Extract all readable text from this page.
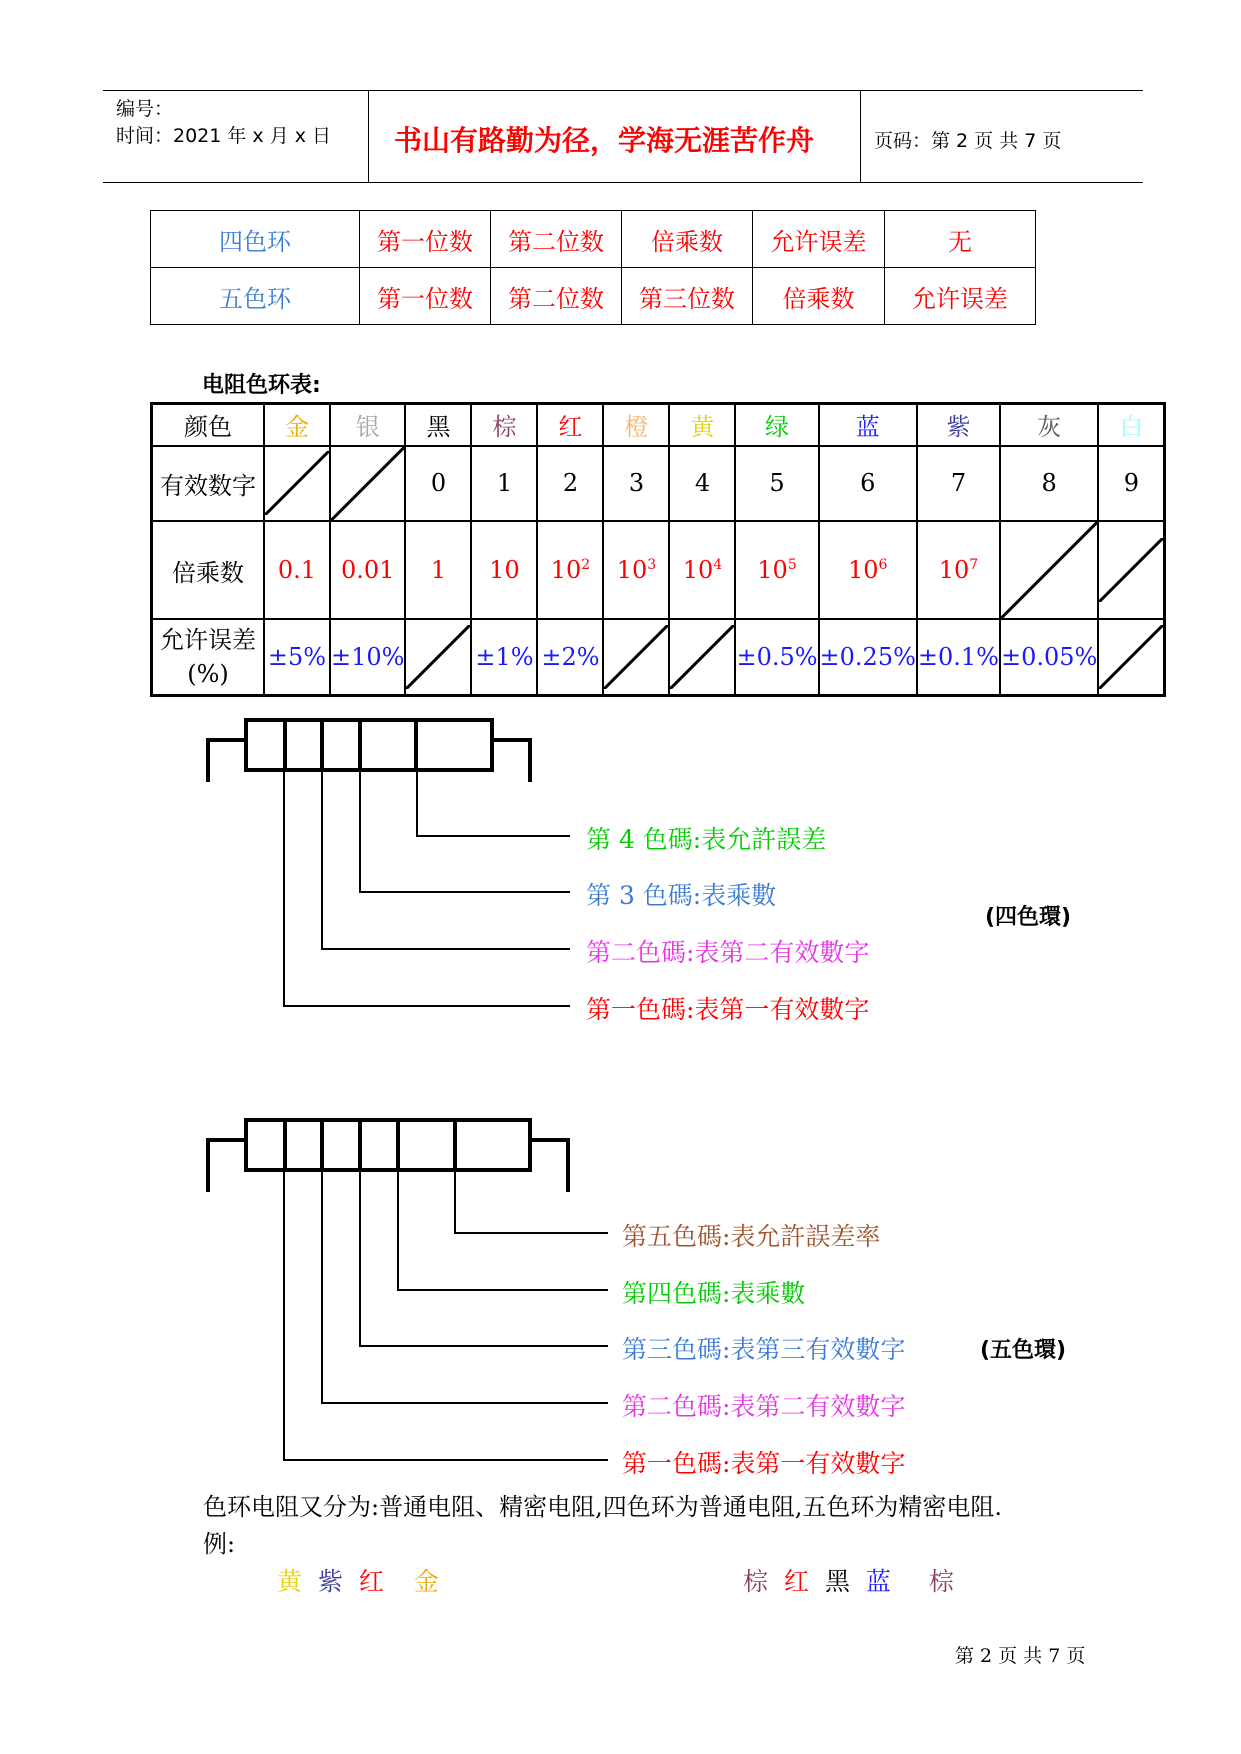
编号：
时间：2021 年 x 月 x 日 书山有路勤为径，学海无涯苦作舟	页码：第 2 页 共 7 页
四色环	第一位数	第二位数	倍乘数	允许误差	无
五色环	第一位数	第二位数	第三位数	倍乘数	允许误差
电阻色环表:
颜色	金	银	黑	棕	红	橙	黄	绿	蓝	紫	灰	白
有效数字			0	1	2	3	4	5	6	7	8	9
倍乘数	0.1	0.01	1	10	$10^2$	$10^3$	$10^4$	$10^5$	$10^6$	$10^7$	

允许误差
(%)	±5%	±10%		±1%	±2%			±0.5%	±0.25%	±0.1%	±0.05%	
第 4 色碼:表允許誤差
第 3 色碼:表乘數
第二色碼:表第二有效數字
第一色碼:表第一有效數字
(四色環)
第五色碼:表允許誤差率
第四色碼:表乘數
第三色碼:表第三有效數字
第二色碼:表第二有效數字
第一色碼:表第一有效數字
(五色環)
色环电阻又分为:普通电阻、精密电阻,四色环为普通电阻,五色环为精密电阻.
例:
黄 紫 红 金	棕 红 黑 蓝 棕
第 2 页 共 7 页
